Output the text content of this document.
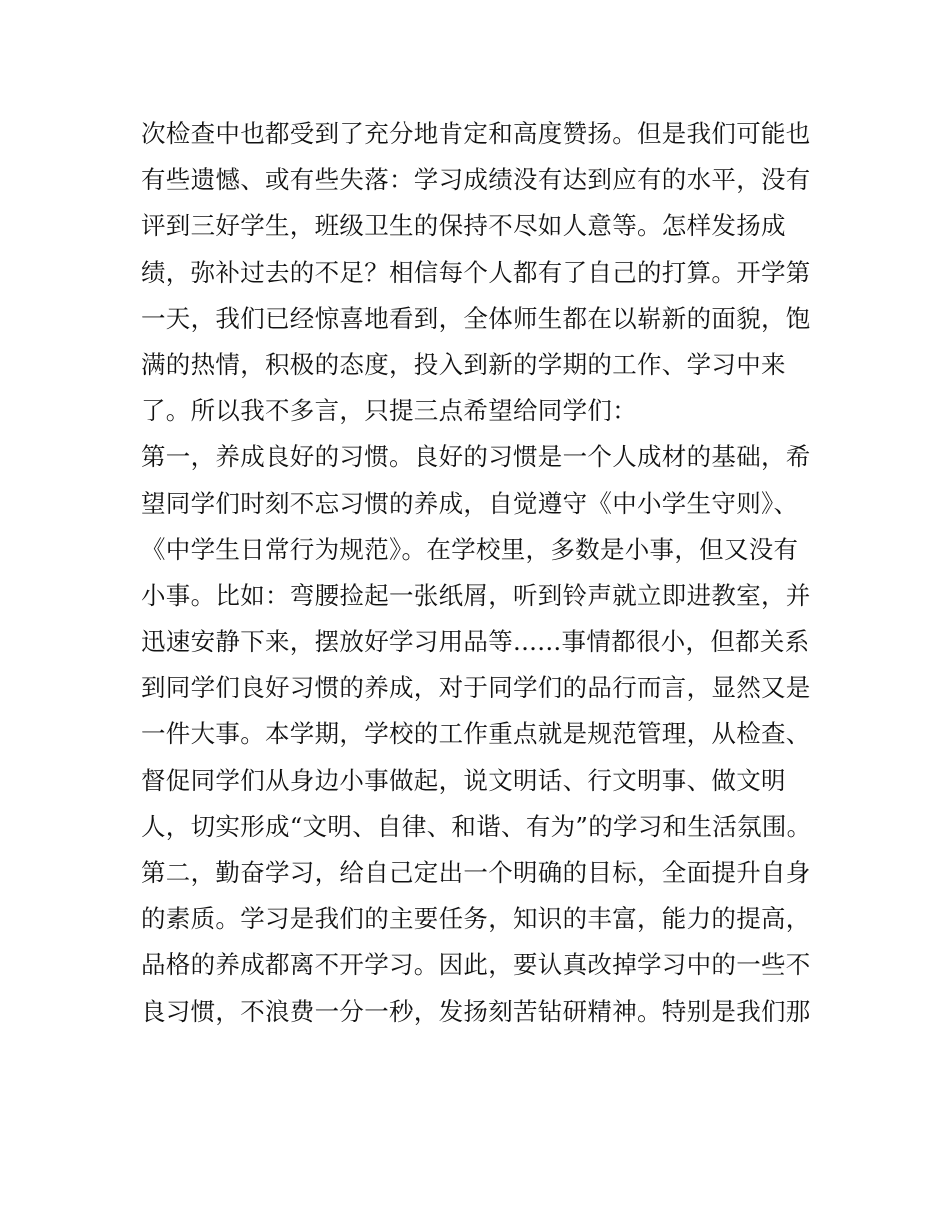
次检查中也都受到了充分地肯定和高度赞扬。但是我们可能也
有些遗憾、或有些失落：学习成绩没有达到应有的水平，没有
评到三好学生，班级卫生的保持不尽如人意等。怎样发扬成
绩，弥补过去的不足？相信每个人都有了自己的打算。开学第
一天，我们已经惊喜地看到，全体师生都在以崭新的面貌，饱
满的热情，积极的态度，投入到新的学期的工作、学习中来
了。所以我不多言，只提三点希望给同学们：
第一，养成良好的习惯。良好的习惯是一个人成材的基础，希
望同学们时刻不忘习惯的养成，自觉遵守《中小学生守则》、
《中学生日常行为规范》。在学校里，多数是小事，但又没有
小事。比如：弯腰捡起一张纸屑，听到铃声就立即进教室，并
迅速安静下来，摆放好学习用品等......事情都很小，但都关系
到同学们良好习惯的养成，对于同学们的品行而言，显然又是
一件大事。本学期，学校的工作重点就是规范管理，从检查、
督促同学们从身边小事做起，说文明话、行文明事、做文明
人，切实形成“文明、自律、和谐、有为”的学习和生活氛围。
第二，勤奋学习，给自己定出一个明确的目标，全面提升自身
的素质。学习是我们的主要任务，知识的丰富，能力的提高，
品格的养成都离不开学习。因此，要认真改掉学习中的一些不
良习惯，不浪费一分一秒，发扬刻苦钻研精神。特别是我们那
